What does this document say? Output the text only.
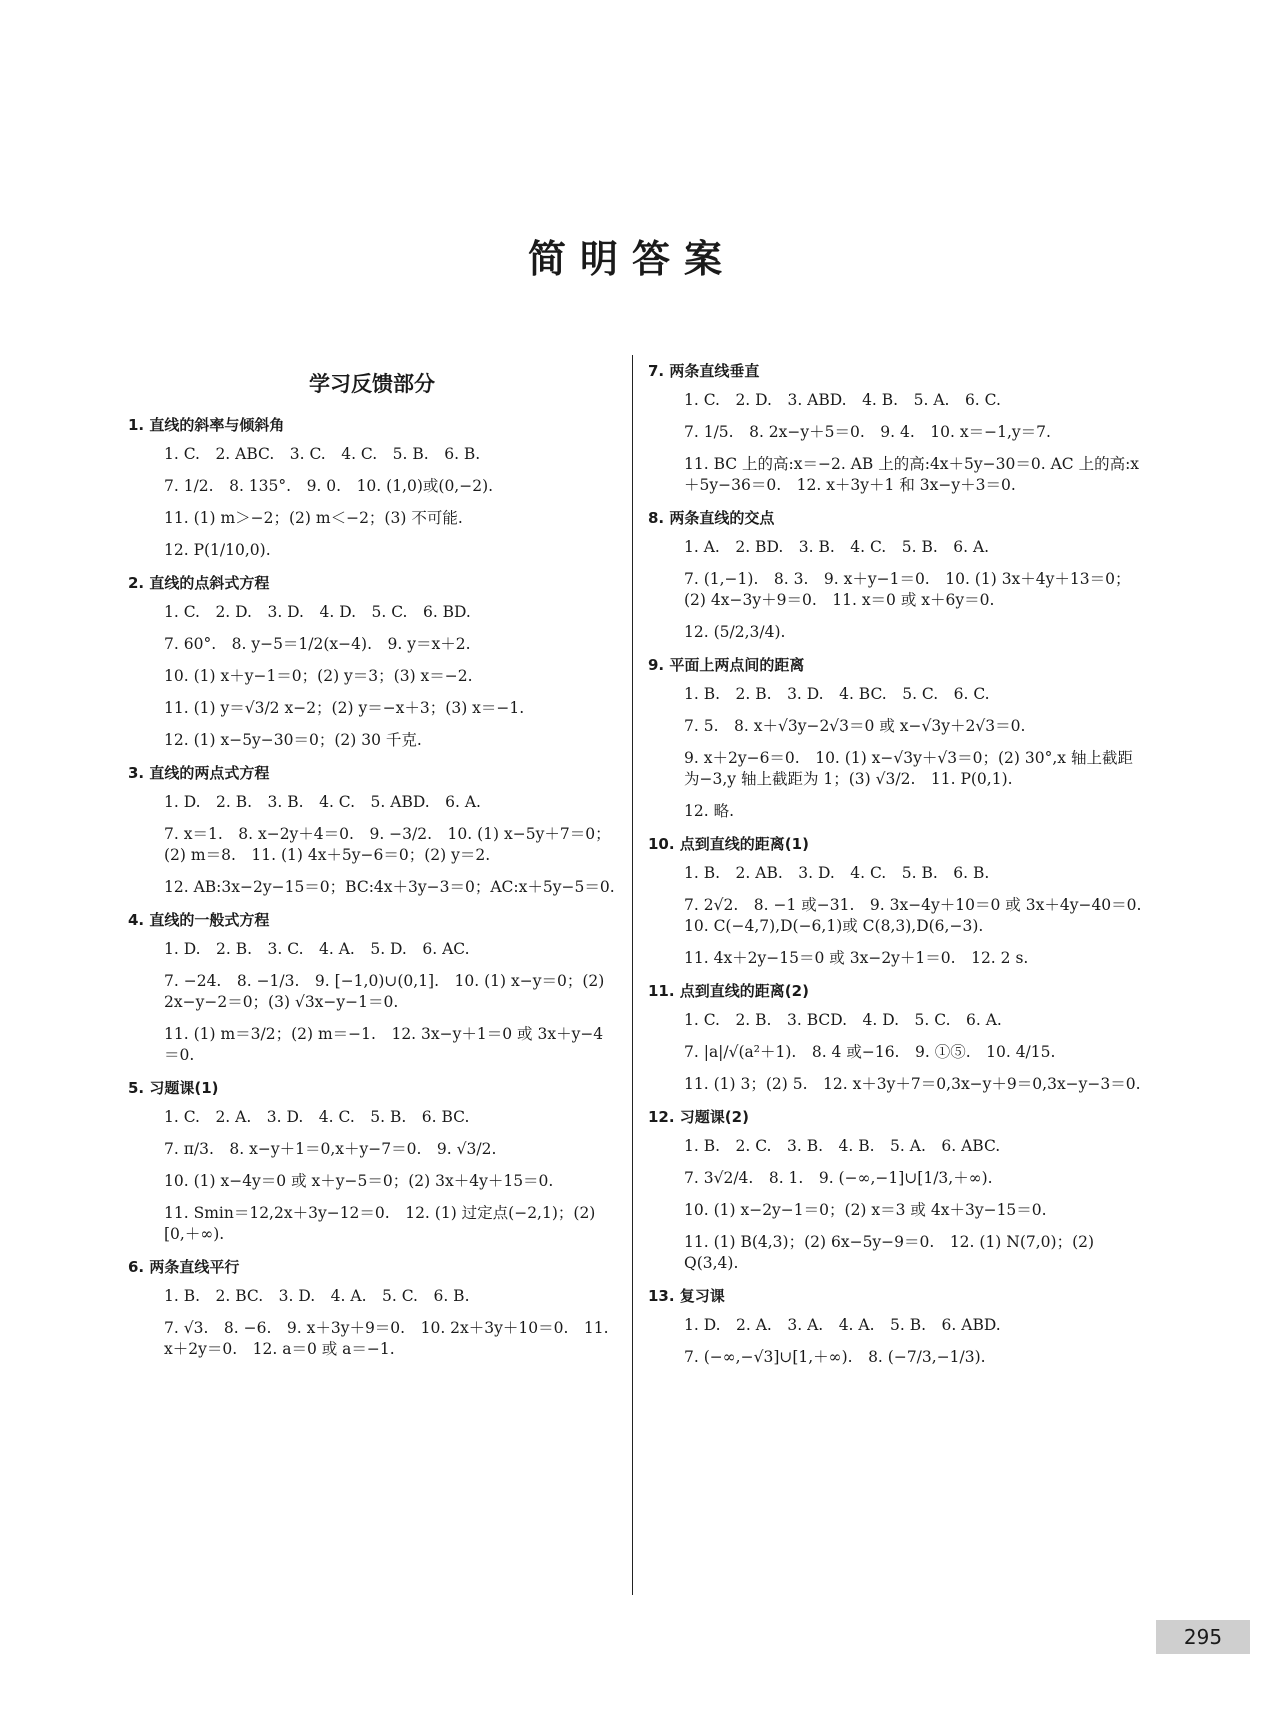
简明答案
学习反馈部分
1. 直线的斜率与倾斜角
1. C.　2. ABC.　3. C.　4. C.　5. B.　6. B.
7. 1/2.　8. 135°.　9. 0.　10. (1,0)或(0,−2).
11. (1) m＞−2；(2) m＜−2；(3) 不可能.
12. P(1/10,0).
2. 直线的点斜式方程
1. C.　2. D.　3. D.　4. D.　5. C.　6. BD.
7. 60°.　8. y−5＝1/2(x−4).　9. y＝x＋2.
10. (1) x＋y−1＝0；(2) y＝3；(3) x＝−2.
11. (1) y＝√3/2 x−2；(2) y＝−x＋3；(3) x＝−1.
12. (1) x−5y−30＝0；(2) 30 千克.
3. 直线的两点式方程
1. D.　2. B.　3. B.　4. C.　5. ABD.　6. A.
7. x＝1.　8. x−2y＋4＝0.　9. −3/2.　10. (1) x−5y＋7＝0；(2) m＝8.　11. (1) 4x＋5y−6＝0；(2) y＝2.
12. AB:3x−2y−15＝0；BC:4x＋3y−3＝0；AC:x＋5y−5＝0.
4. 直线的一般式方程
1. D.　2. B.　3. C.　4. A.　5. D.　6. AC.
7. −24.　8. −1/3.　9. [−1,0)∪(0,1].　10. (1) x−y＝0；(2) 2x−y−2＝0；(3) √3x−y−1＝0.
11. (1) m＝3/2；(2) m＝−1.　12. 3x−y＋1＝0 或 3x＋y−4＝0.
5. 习题课(1)
1. C.　2. A.　3. D.　4. C.　5. B.　6. BC.
7. π/3.　8. x−y＋1＝0,x＋y−7＝0.　9. √3/2.
10. (1) x−4y＝0 或 x＋y−5＝0；(2) 3x＋4y＋15＝0.
11. Smin＝12,2x＋3y−12＝0.　12. (1) 过定点(−2,1)；(2) [0,＋∞).
6. 两条直线平行
1. B.　2. BC.　3. D.　4. A.　5. C.　6. B.
7. √3.　8. −6.　9. x＋3y＋9＝0.　10. 2x＋3y＋10＝0.　11. x＋2y＝0.　12. a＝0 或 a＝−1.
7. 两条直线垂直
1. C.　2. D.　3. ABD.　4. B.　5. A.　6. C.
7. 1/5.　8. 2x−y＋5＝0.　9. 4.　10. x＝−1,y＝7.
11. BC 上的高:x＝−2. AB 上的高:4x＋5y−30＝0. AC 上的高:x＋5y−36＝0.　12. x＋3y＋1 和 3x−y＋3＝0.
8. 两条直线的交点
1. A.　2. BD.　3. B.　4. C.　5. B.　6. A.
7. (1,−1).　8. 3.　9. x＋y−1＝0.　10. (1) 3x＋4y＋13＝0；(2) 4x−3y＋9＝0.　11. x＝0 或 x＋6y＝0.
12. (5/2,3/4).
9. 平面上两点间的距离
1. B.　2. B.　3. D.　4. BC.　5. C.　6. C.
7. 5.　8. x＋√3y−2√3＝0 或 x−√3y＋2√3＝0.
9. x＋2y−6＝0.　10. (1) x−√3y＋√3＝0；(2) 30°,x 轴上截距为−3,y 轴上截距为 1；(3) √3/2.　11. P(0,1).
12. 略.
10. 点到直线的距离(1)
1. B.　2. AB.　3. D.　4. C.　5. B.　6. B.
7. 2√2.　8. −1 或−31.　9. 3x−4y＋10＝0 或 3x＋4y−40＝0.　10. C(−4,7),D(−6,1)或 C(8,3),D(6,−3).
11. 4x＋2y−15＝0 或 3x−2y＋1＝0.　12. 2 s.
11. 点到直线的距离(2)
1. C.　2. B.　3. BCD.　4. D.　5. C.　6. A.
7. |a|/√(a²＋1).　8. 4 或−16.　9. ①⑤.　10. 4/15.
11. (1) 3；(2) 5.　12. x＋3y＋7＝0,3x−y＋9＝0,3x−y−3＝0.
12. 习题课(2)
1. B.　2. C.　3. B.　4. B.　5. A.　6. ABC.
7. 3√2/4.　8. 1.　9. (−∞,−1]∪[1/3,＋∞).
10. (1) x−2y−1＝0；(2) x＝3 或 4x＋3y−15＝0.
11. (1) B(4,3)；(2) 6x−5y−9＝0.　12. (1) N(7,0)；(2) Q(3,4).
13. 复习课
1. D.　2. A.　3. A.　4. A.　5. B.　6. ABD.
7. (−∞,−√3]∪[1,＋∞).　8. (−7/3,−1/3).
295
